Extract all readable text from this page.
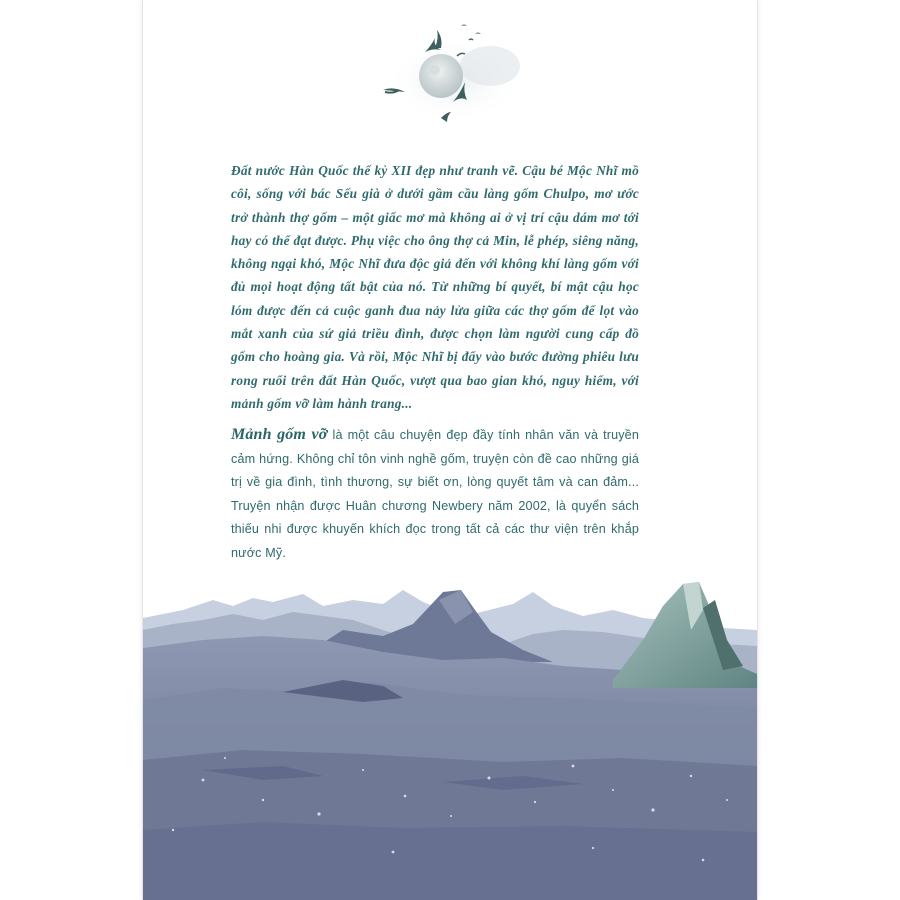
Đất nước Hàn Quốc thế kỷ XII đẹp như tranh vẽ. Cậu bé Mộc Nhĩ mồ côi, sống với bác Sếu già ở dưới gầm cầu làng gốm Chulpo, mơ ước trở thành thợ gốm – một giấc mơ mà không ai ở vị trí cậu dám mơ tới hay có thể đạt được. Phụ việc cho ông thợ cả Min, lễ phép, siêng năng, không ngại khó, Mộc Nhĩ đưa độc giả đến với không khí làng gốm với đủ mọi hoạt động tất bật của nó. Từ những bí quyết, bí mật cậu học lóm được đến cả cuộc ganh đua nảy lửa giữa các thợ gốm để lọt vào mắt xanh của sứ giả triều đình, được chọn làm người cung cấp đồ gốm cho hoàng gia. Và rồi, Mộc Nhĩ bị đẩy vào bước đường phiêu lưu rong ruổi trên đất Hàn Quốc, vượt qua bao gian khó, nguy hiểm, với mảnh gốm vỡ làm hành trang...

Mảnh gốm vỡ là một câu chuyện đẹp đầy tính nhân văn và truyền cảm hứng. Không chỉ tôn vinh nghề gốm, truyện còn đề cao những giá trị về gia đình, tình thương, sự biết ơn, lòng quyết tâm và can đảm... Truyện nhận được Huân chương Newbery năm 2002, là quyển sách thiếu nhi được khuyến khích đọc trong tất cả các thư viện trên khắp nước Mỹ.
